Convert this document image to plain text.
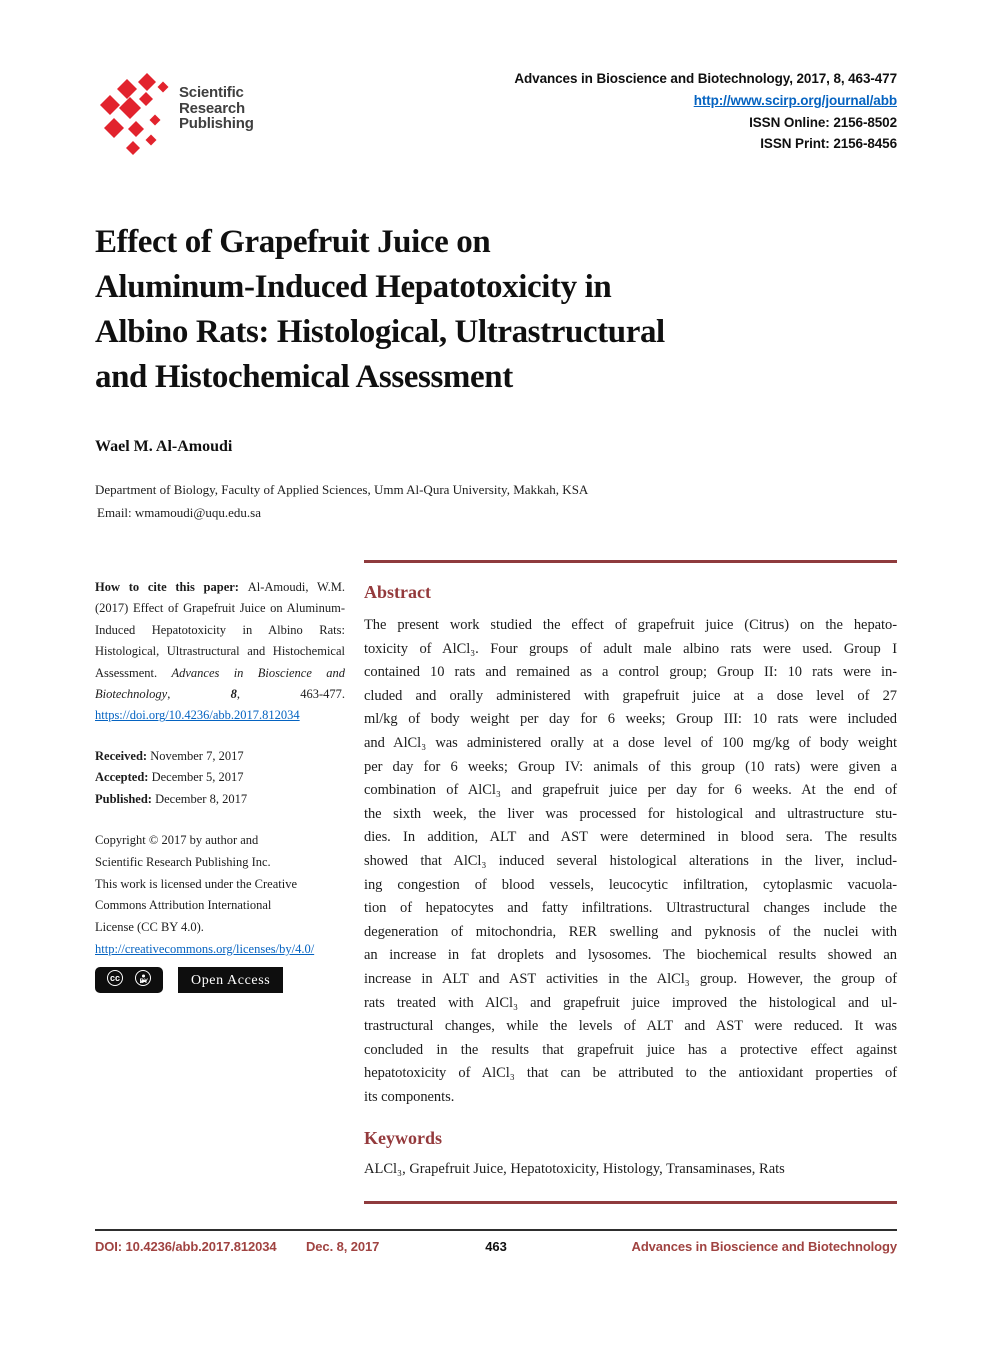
Scientific
Research
Publishing
Advances in Bioscience and Biotechnology, 2017, 8, 463-477
http://www.scirp.org/journal/abb
ISSN Online: 2156-8502
ISSN Print: 2156-8456
Effect of Grapefruit Juice on
Aluminum-Induced Hepatotoxicity in
Albino Rats: Histological, Ultrastructural
and Histochemical Assessment
Wael M. Al-Amoudi
Department of Biology, Faculty of Applied Sciences, Umm Al-Qura University, Makkah, KSA
Email: wmamoudi@uqu.edu.sa
How to cite this paper: Al-Amoudi, W.M. (2017) Effect of Grapefruit Juice on Aluminum-Induced Hepatotoxicity in Albino Rats: Histological, Ultrastructural and Histochemical Assessment. Advances in Bioscience and Biotechnology, 8, 463-477. https://doi.org/10.4236/abb.2017.812034
Received: November 7, 2017
Accepted: December 5, 2017
Published: December 8, 2017
Copyright © 2017 by author and
Scientific Research Publishing Inc.
This work is licensed under the Creative
Commons Attribution International
License (CC BY 4.0).
http://creativecommons.org/licenses/by/4.0/
cc	BY	Open Access
Abstract
The present work studied the effect of grapefruit juice (Citrus) on the hepato-
toxicity of AlCl₃. Four groups of adult male albino rats were used. Group I
contained 10 rats and remained as a control group; Group II: 10 rats were in-
cluded and orally administered with grapefruit juice at a dose level of 27
ml/kg of body weight per day for 6 weeks; Group III: 10 rats were included
and AlCl₃ was administered orally at a dose level of 100 mg/kg of body weight
per day for 6 weeks; Group IV: animals of this group (10 rats) were given a
combination of AlCl₃ and grapefruit juice per day for 6 weeks. At the end of
the sixth week, the liver was processed for histological and ultrastructure stu-
dies. In addition, ALT and AST were determined in blood sera. The results
showed that AlCl₃ induced several histological alterations in the liver, includ-
ing congestion of blood vessels, leucocytic infiltration, cytoplasmic vacuola-
tion of hepatocytes and fatty infiltrations. Ultrastructural changes include the
degeneration of mitochondria, RER swelling and pyknosis of the nuclei with
an increase in fat droplets and lysosomes. The biochemical results showed an
increase in ALT and AST activities in the AlCl₃ group. However, the group of
rats treated with AlCl₃ and grapefruit juice improved the histological and ul-
trastructural changes, while the levels of ALT and AST were reduced. It was
concluded in the results that grapefruit juice has a protective effect against
hepatotoxicity of AlCl₃ that can be attributed to the antioxidant properties of
its components.
Keywords
ALCl₃, Grapefruit Juice, Hepatotoxicity, Histology, Transaminases, Rats
DOI: 10.4236/abb.2017.812034 Dec. 8, 2017	463	Advances in Bioscience and Biotechnology
